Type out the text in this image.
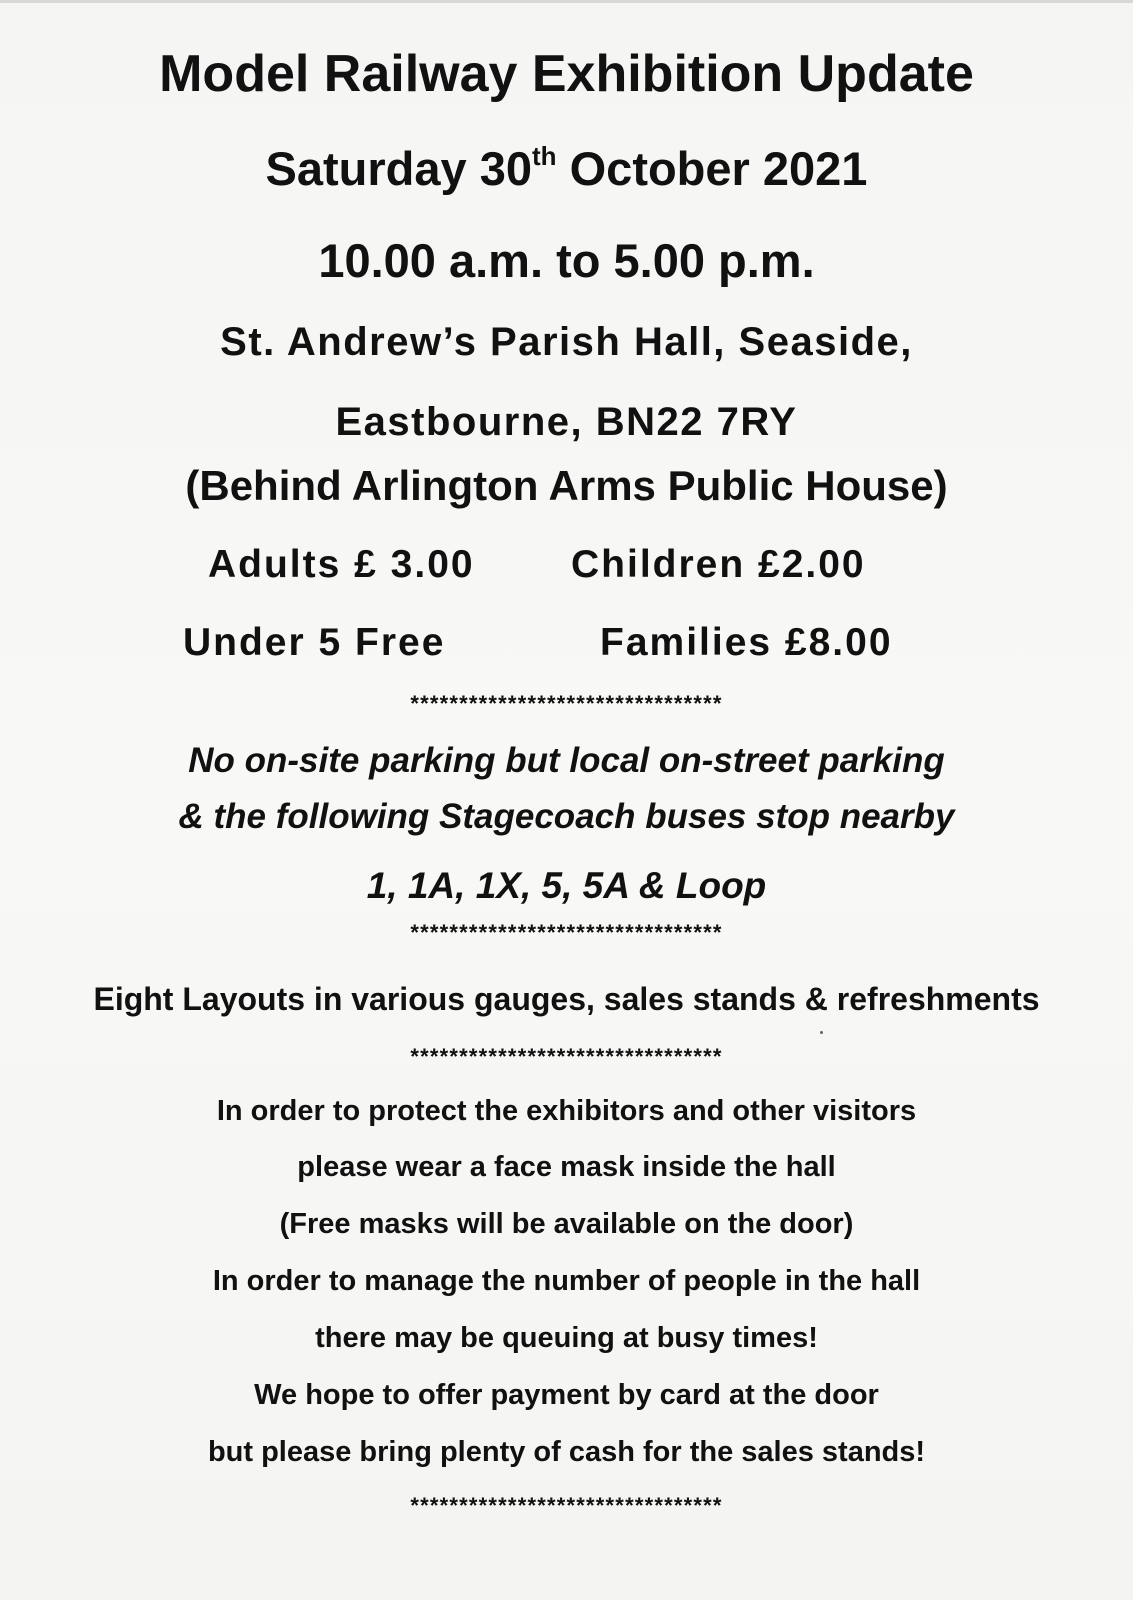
Model Railway Exhibition Update
Saturday 30th October 2021
10.00 a.m. to 5.00 p.m.
St. Andrew’s Parish Hall, Seaside,
Eastbourne, BN22 7RY
(Behind Arlington Arms Public House)
Adults £ 3.00 Children £2.00
Under 5 Free	Families £8.00
********************************
No on-site parking but local on-street parking
& the following Stagecoach buses stop nearby
1, 1A, 1X, 5, 5A & Loop
********************************
Eight Layouts in various gauges, sales stands & refreshments
********************************
In order to protect the exhibitors and other visitors
please wear a face mask inside the hall
(Free masks will be available on the door)
In order to manage the number of people in the hall
there may be queuing at busy times!
We hope to offer payment by card at the door
but please bring plenty of cash for the sales stands!
********************************
